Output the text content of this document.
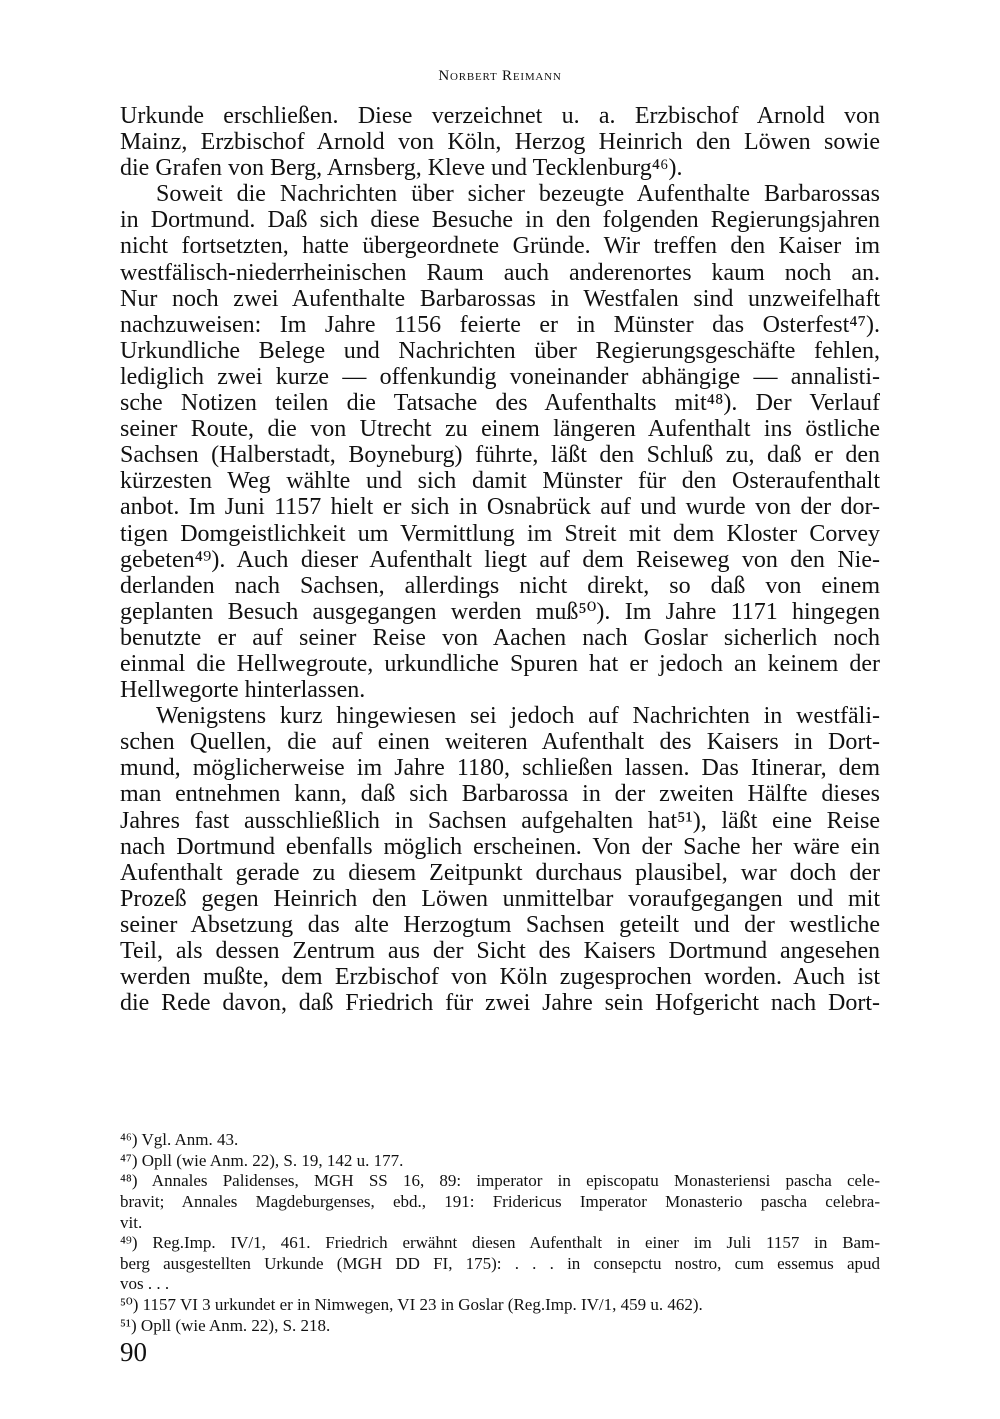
Norbert Reimann
Urkunde erschließen. Diese verzeichnet u. a. Erzbischof Arnold von
Mainz, Erzbischof Arnold von Köln, Herzog Heinrich den Löwen sowie
die Grafen von Berg, Arnsberg, Kleve und Tecklenburg⁴⁶).
Soweit die Nachrichten über sicher bezeugte Aufenthalte Barbarossas
in Dortmund. Daß sich diese Besuche in den folgenden Regierungsjahren
nicht fortsetzten, hatte übergeordnete Gründe. Wir treffen den Kaiser im
westfälisch-niederrheinischen Raum auch anderenortes kaum noch an.
Nur noch zwei Aufenthalte Barbarossas in Westfalen sind unzweifelhaft
nachzuweisen: Im Jahre 1156 feierte er in Münster das Osterfest⁴⁷).
Urkundliche Belege und Nachrichten über Regierungsgeschäfte fehlen,
lediglich zwei kurze — offenkundig voneinander abhängige — annalisti-
sche Notizen teilen die Tatsache des Aufenthalts mit⁴⁸). Der Verlauf
seiner Route, die von Utrecht zu einem längeren Aufenthalt ins östliche
Sachsen (Halberstadt, Boyneburg) führte, läßt den Schluß zu, daß er den
kürzesten Weg wählte und sich damit Münster für den Osteraufenthalt
anbot. Im Juni 1157 hielt er sich in Osnabrück auf und wurde von der dor-
tigen Domgeistlichkeit um Vermittlung im Streit mit dem Kloster Corvey
gebeten⁴⁹). Auch dieser Aufenthalt liegt auf dem Reiseweg von den Nie-
derlanden nach Sachsen, allerdings nicht direkt, so daß von einem
geplanten Besuch ausgegangen werden muß⁵⁰). Im Jahre 1171 hingegen
benutzte er auf seiner Reise von Aachen nach Goslar sicherlich noch
einmal die Hellwegroute, urkundliche Spuren hat er jedoch an keinem der
Hellwegorte hinterlassen.
Wenigstens kurz hingewiesen sei jedoch auf Nachrichten in westfäli-
schen Quellen, die auf einen weiteren Aufenthalt des Kaisers in Dort-
mund, möglicherweise im Jahre 1180, schließen lassen. Das Itinerar, dem
man entnehmen kann, daß sich Barbarossa in der zweiten Hälfte dieses
Jahres fast ausschließlich in Sachsen aufgehalten hat⁵¹), läßt eine Reise
nach Dortmund ebenfalls möglich erscheinen. Von der Sache her wäre ein
Aufenthalt gerade zu diesem Zeitpunkt durchaus plausibel, war doch der
Prozeß gegen Heinrich den Löwen unmittelbar voraufgegangen und mit
seiner Absetzung das alte Herzogtum Sachsen geteilt und der westliche
Teil, als dessen Zentrum aus der Sicht des Kaisers Dortmund angesehen
werden mußte, dem Erzbischof von Köln zugesprochen worden. Auch ist
die Rede davon, daß Friedrich für zwei Jahre sein Hofgericht nach Dort-
⁴⁶) Vgl. Anm. 43.
⁴⁷) Opll (wie Anm. 22), S. 19, 142 u. 177.
⁴⁸) Annales Palidenses, MGH SS 16, 89: imperator in episcopatu Monasteriensi pascha cele-
bravit; Annales Magdeburgenses, ebd., 191: Fridericus Imperator Monasterio pascha celebra-
vit.
⁴⁹) Reg.Imp. IV/1, 461. Friedrich erwähnt diesen Aufenthalt in einer im Juli 1157 in Bam-
berg ausgestellten Urkunde (MGH DD FI, 175): . . . in consepctu nostro, cum essemus apud
vos . . .
⁵⁰) 1157 VI 3 urkundet er in Nimwegen, VI 23 in Goslar (Reg.Imp. IV/1, 459 u. 462).
⁵¹) Opll (wie Anm. 22), S. 218.
90
